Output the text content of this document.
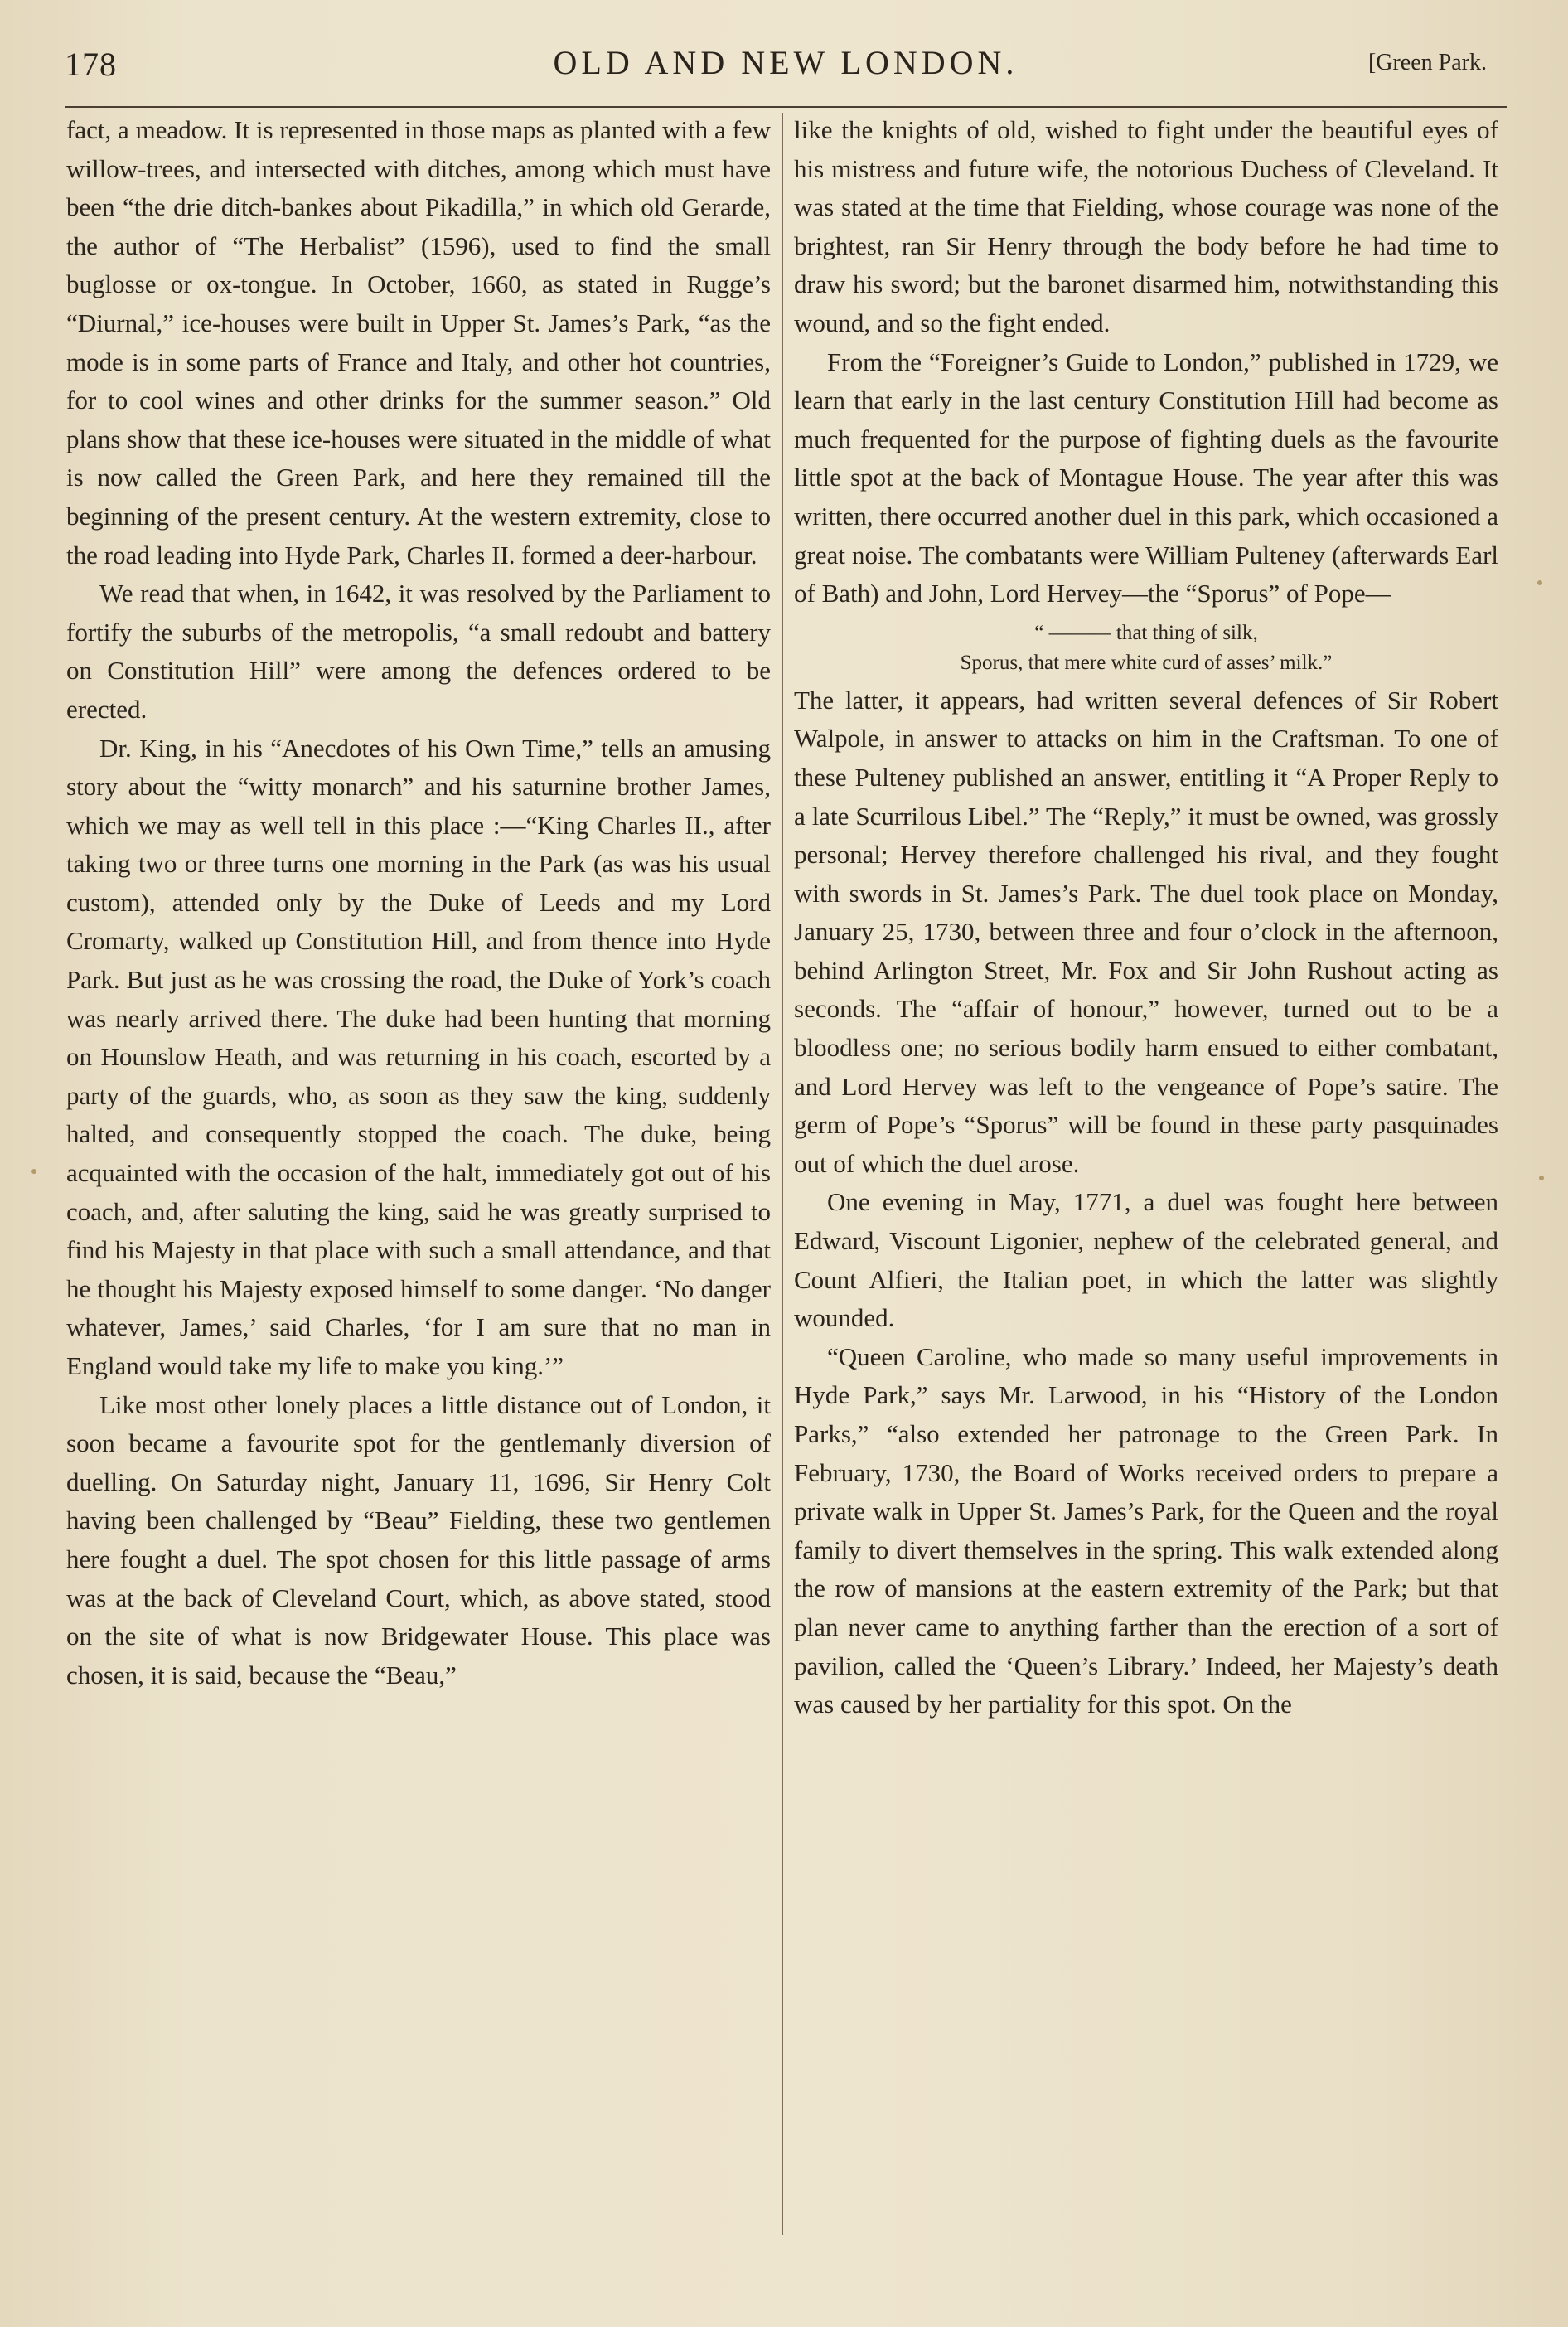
178	OLD AND NEW LONDON.	[Green Park.

fact, a meadow. It is represented in those maps as planted with a few willow-trees, and intersected with ditches, among which must have been “the drie ditch-bankes about Pikadilla,” in which old Gerarde, the author of “The Herbalist” (1596), used to find the small buglosse or ox-tongue. In October, 1660, as stated in Rugge’s “Diurnal,” ice-houses were built in Upper St. James’s Park, “as the mode is in some parts of France and Italy, and other hot countries, for to cool wines and other drinks for the summer season.” Old plans show that these ice-houses were situated in the middle of what is now called the Green Park, and here they remained till the beginning of the present century. At the western extremity, close to the road leading into Hyde Park, Charles II. formed a deer-harbour.

We read that when, in 1642, it was resolved by the Parliament to fortify the suburbs of the metropolis, “a small redoubt and battery on Constitution Hill” were among the defences ordered to be erected.

Dr. King, in his “Anecdotes of his Own Time,” tells an amusing story about the “witty monarch” and his saturnine brother James, which we may as well tell in this place :—“King Charles II., after taking two or three turns one morning in the Park (as was his usual custom), attended only by the Duke of Leeds and my Lord Cromarty, walked up Constitution Hill, and from thence into Hyde Park. But just as he was crossing the road, the Duke of York’s coach was nearly arrived there. The duke had been hunting that morning on Hounslow Heath, and was returning in his coach, escorted by a party of the guards, who, as soon as they saw the king, suddenly halted, and consequently stopped the coach. The duke, being acquainted with the occasion of the halt, immediately got out of his coach, and, after saluting the king, said he was greatly surprised to find his Majesty in that place with such a small attendance, and that he thought his Majesty exposed himself to some danger. ‘No danger whatever, James,’ said Charles, ‘for I am sure that no man in England would take my life to make you king.’”

Like most other lonely places a little distance out of London, it soon became a favourite spot for the gentlemanly diversion of duelling. On Saturday night, January 11, 1696, Sir Henry Colt having been challenged by “Beau” Fielding, these two gentlemen here fought a duel. The spot chosen for this little passage of arms was at the back of Cleveland Court, which, as above stated, stood on the site of what is now Bridgewater House. This place was chosen, it is said, because the “Beau,”

like the knights of old, wished to fight under the beautiful eyes of his mistress and future wife, the notorious Duchess of Cleveland. It was stated at the time that Fielding, whose courage was none of the brightest, ran Sir Henry through the body before he had time to draw his sword; but the baronet disarmed him, notwithstanding this wound, and so the fight ended.

From the “Foreigner’s Guide to London,” published in 1729, we learn that early in the last century Constitution Hill had become as much frequented for the purpose of fighting duels as the favourite little spot at the back of Montague House. The year after this was written, there occurred another duel in this park, which occasioned a great noise. The combatants were William Pulteney (afterwards Earl of Bath) and John, Lord Hervey—the “Sporus” of Pope—

“ ——— that thing of silk,
Sporus, that mere white curd of asses’ milk.”

The latter, it appears, had written several defences of Sir Robert Walpole, in answer to attacks on him in the Craftsman. To one of these Pulteney published an answer, entitling it “A Proper Reply to a late Scurrilous Libel.” The “Reply,” it must be owned, was grossly personal; Hervey therefore challenged his rival, and they fought with swords in St. James’s Park. The duel took place on Monday, January 25, 1730, between three and four o’clock in the afternoon, behind Arlington Street, Mr. Fox and Sir John Rushout acting as seconds. The “affair of honour,” however, turned out to be a bloodless one; no serious bodily harm ensued to either combatant, and Lord Hervey was left to the vengeance of Pope’s satire. The germ of Pope’s “Sporus” will be found in these party pasquinades out of which the duel arose.

One evening in May, 1771, a duel was fought here between Edward, Viscount Ligonier, nephew of the celebrated general, and Count Alfieri, the Italian poet, in which the latter was slightly wounded.

“Queen Caroline, who made so many useful improvements in Hyde Park,” says Mr. Larwood, in his “History of the London Parks,” “also extended her patronage to the Green Park. In February, 1730, the Board of Works received orders to prepare a private walk in Upper St. James’s Park, for the Queen and the royal family to divert themselves in the spring. This walk extended along the row of mansions at the eastern extremity of the Park; but that plan never came to anything farther than the erection of a sort of pavilion, called the ‘Queen’s Library.’ Indeed, her Majesty’s death was caused by her partiality for this spot. On the
